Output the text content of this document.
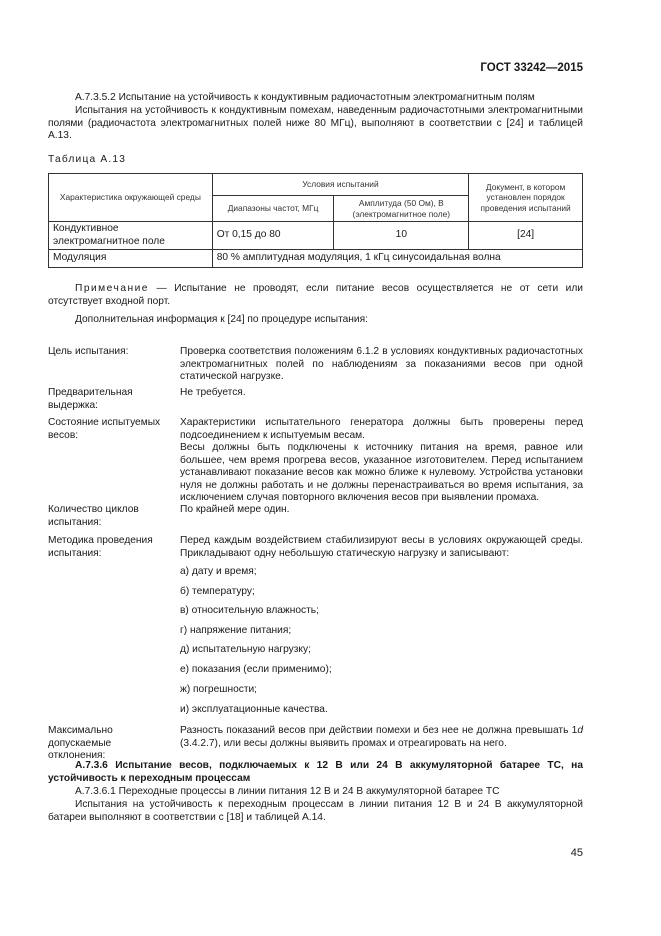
ГОСТ 33242—2015

А.7.3.5.2 Испытание на устойчивость к кондуктивным радиочастотным электромагнитным полям

Испытания на устойчивость к кондуктивным помехам, наведенным радиочастотными электромагнитными полями (радиочастота электромагнитных полей ниже 80 МГц), выполняют в соответствии с [24] и таблицей А.13.

Таблица А.13
Характеристика окружающей среды	Условия испытаний		Документ, в котором установлен порядок проведения испытаний
	Диапазоны частот, МГц	Амплитуда (50 Ом), В (электромагнитное поле)	
Кондуктивное электромагнитное поле	От 0,15 до 80	10	[24]
Модуляция	80 % амплитудная модуляция, 1 кГц синусоидальная волна		

Примечание — Испытание не проводят, если питание весов осуществляется не от сети или отсутствует входной порт.

Дополнительная информация к [24] по процедуре испытания:

Цель испытания:	Проверка соответствия положениям 6.1.2 в условиях кондуктивных радиочастотных электромагнитных полей по наблюдениям за показаниями весов при одной статической нагрузке.

Предварительная выдержка:

Не требуется.

Состояние испытуемых весов:

Характеристики испытательного генератора должны быть проверены перед подсоединением к испытуемым весам.

Весы должны быть подключены к источнику питания на время, равное или большее, чем время прогрева весов, указанное изготовителем. Перед испытанием устанавливают показание весов как можно ближе к нулевому. Устройства установки нуля не должны работать и не должны перенастраиваться во время испытания, за исключением случая повторного включения весов при выявлении промаха.

Количество циклов испытания:

По крайней мере один.

Методика проведения испытания:

Перед каждым воздействием стабилизируют весы в условиях окружающей среды. Прикладывают одну небольшую статическую нагрузку и записывают:

а) дату и время;
б) температуру;
в) относительную влажность;
г) напряжение питания;
д) испытательную нагрузку;
е) показания (если применимо);
ж) погрешности;
и) эксплуатационные качества.
Максимально допускаемые отклонения:

Разность показаний весов при действии помехи и без нее не должна превышать 1d (3.4.2.7), или весы должны выявить промах и отреагировать на него.

А.7.3.6 Испытание весов, подключаемых к 12 В или 24 В аккумуляторной батарее ТС, на устойчивость к переходным процессам

А.7.3.6.1 Переходные процессы в линии питания 12 В и 24 В аккумуляторной батарее ТС

Испытания на устойчивость к переходным процессам в линии питания 12 В и 24 В аккумуляторной батареи выполняют в соответствии с [18] и таблицей А.14.

45
